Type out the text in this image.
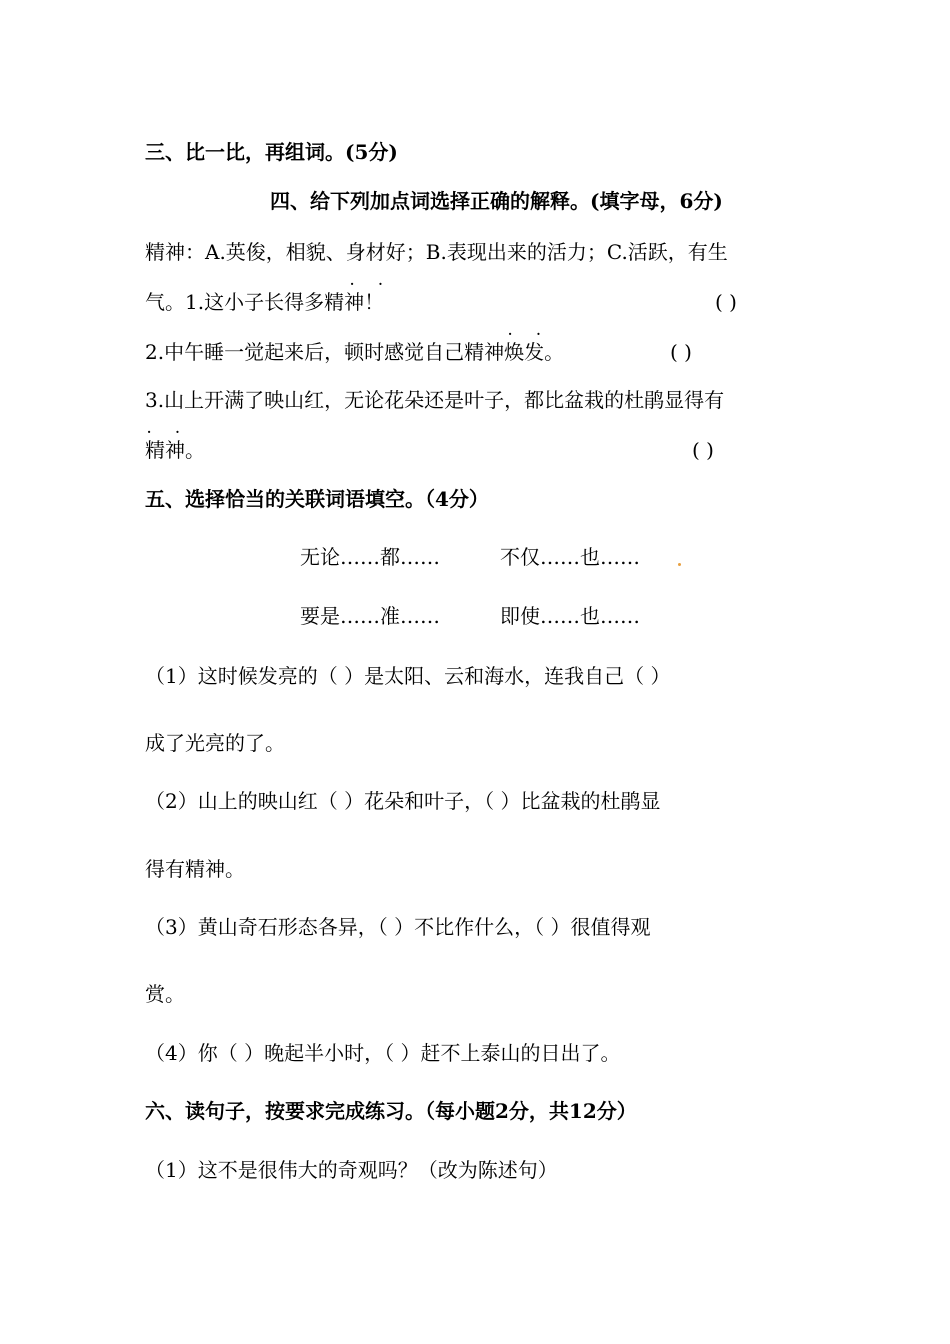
三、比一比，再组词。(5分)
四、给下列加点词选择正确的解释。(填字母，6分)
精神：A.英俊，相貌、身材好；B.表现出来的活力；C.活跃，有生
· ·
气。1.这小子长得多精神！	( )
· ·
2.中午睡一觉起来后，顿时感觉自己精神焕发。	( )
3.山上开满了映山红，无论花朵还是叶子，都比盆栽的杜鹃显得有
· ·
精神。	( )
五、选择恰当的关联词语填空。（4分）
无论……都……	不仅……也……
要是……准……	即使……也……
（1）这时候发亮的（ ）是太阳、云和海水，连我自己（ ）
成了光亮的了。
（2）山上的映山红（ ）花朵和叶子，（ ）比盆栽的杜鹃显
得有精神。
（3）黄山奇石形态各异，（ ）不比作什么，（ ）很值得观
赏。
（4）你（ ）晚起半小时，（ ）赶不上泰山的日出了。
六、读句子，按要求完成练习。（每小题2分，共12分）
（1）这不是很伟大的奇观吗？（改为陈述句）
